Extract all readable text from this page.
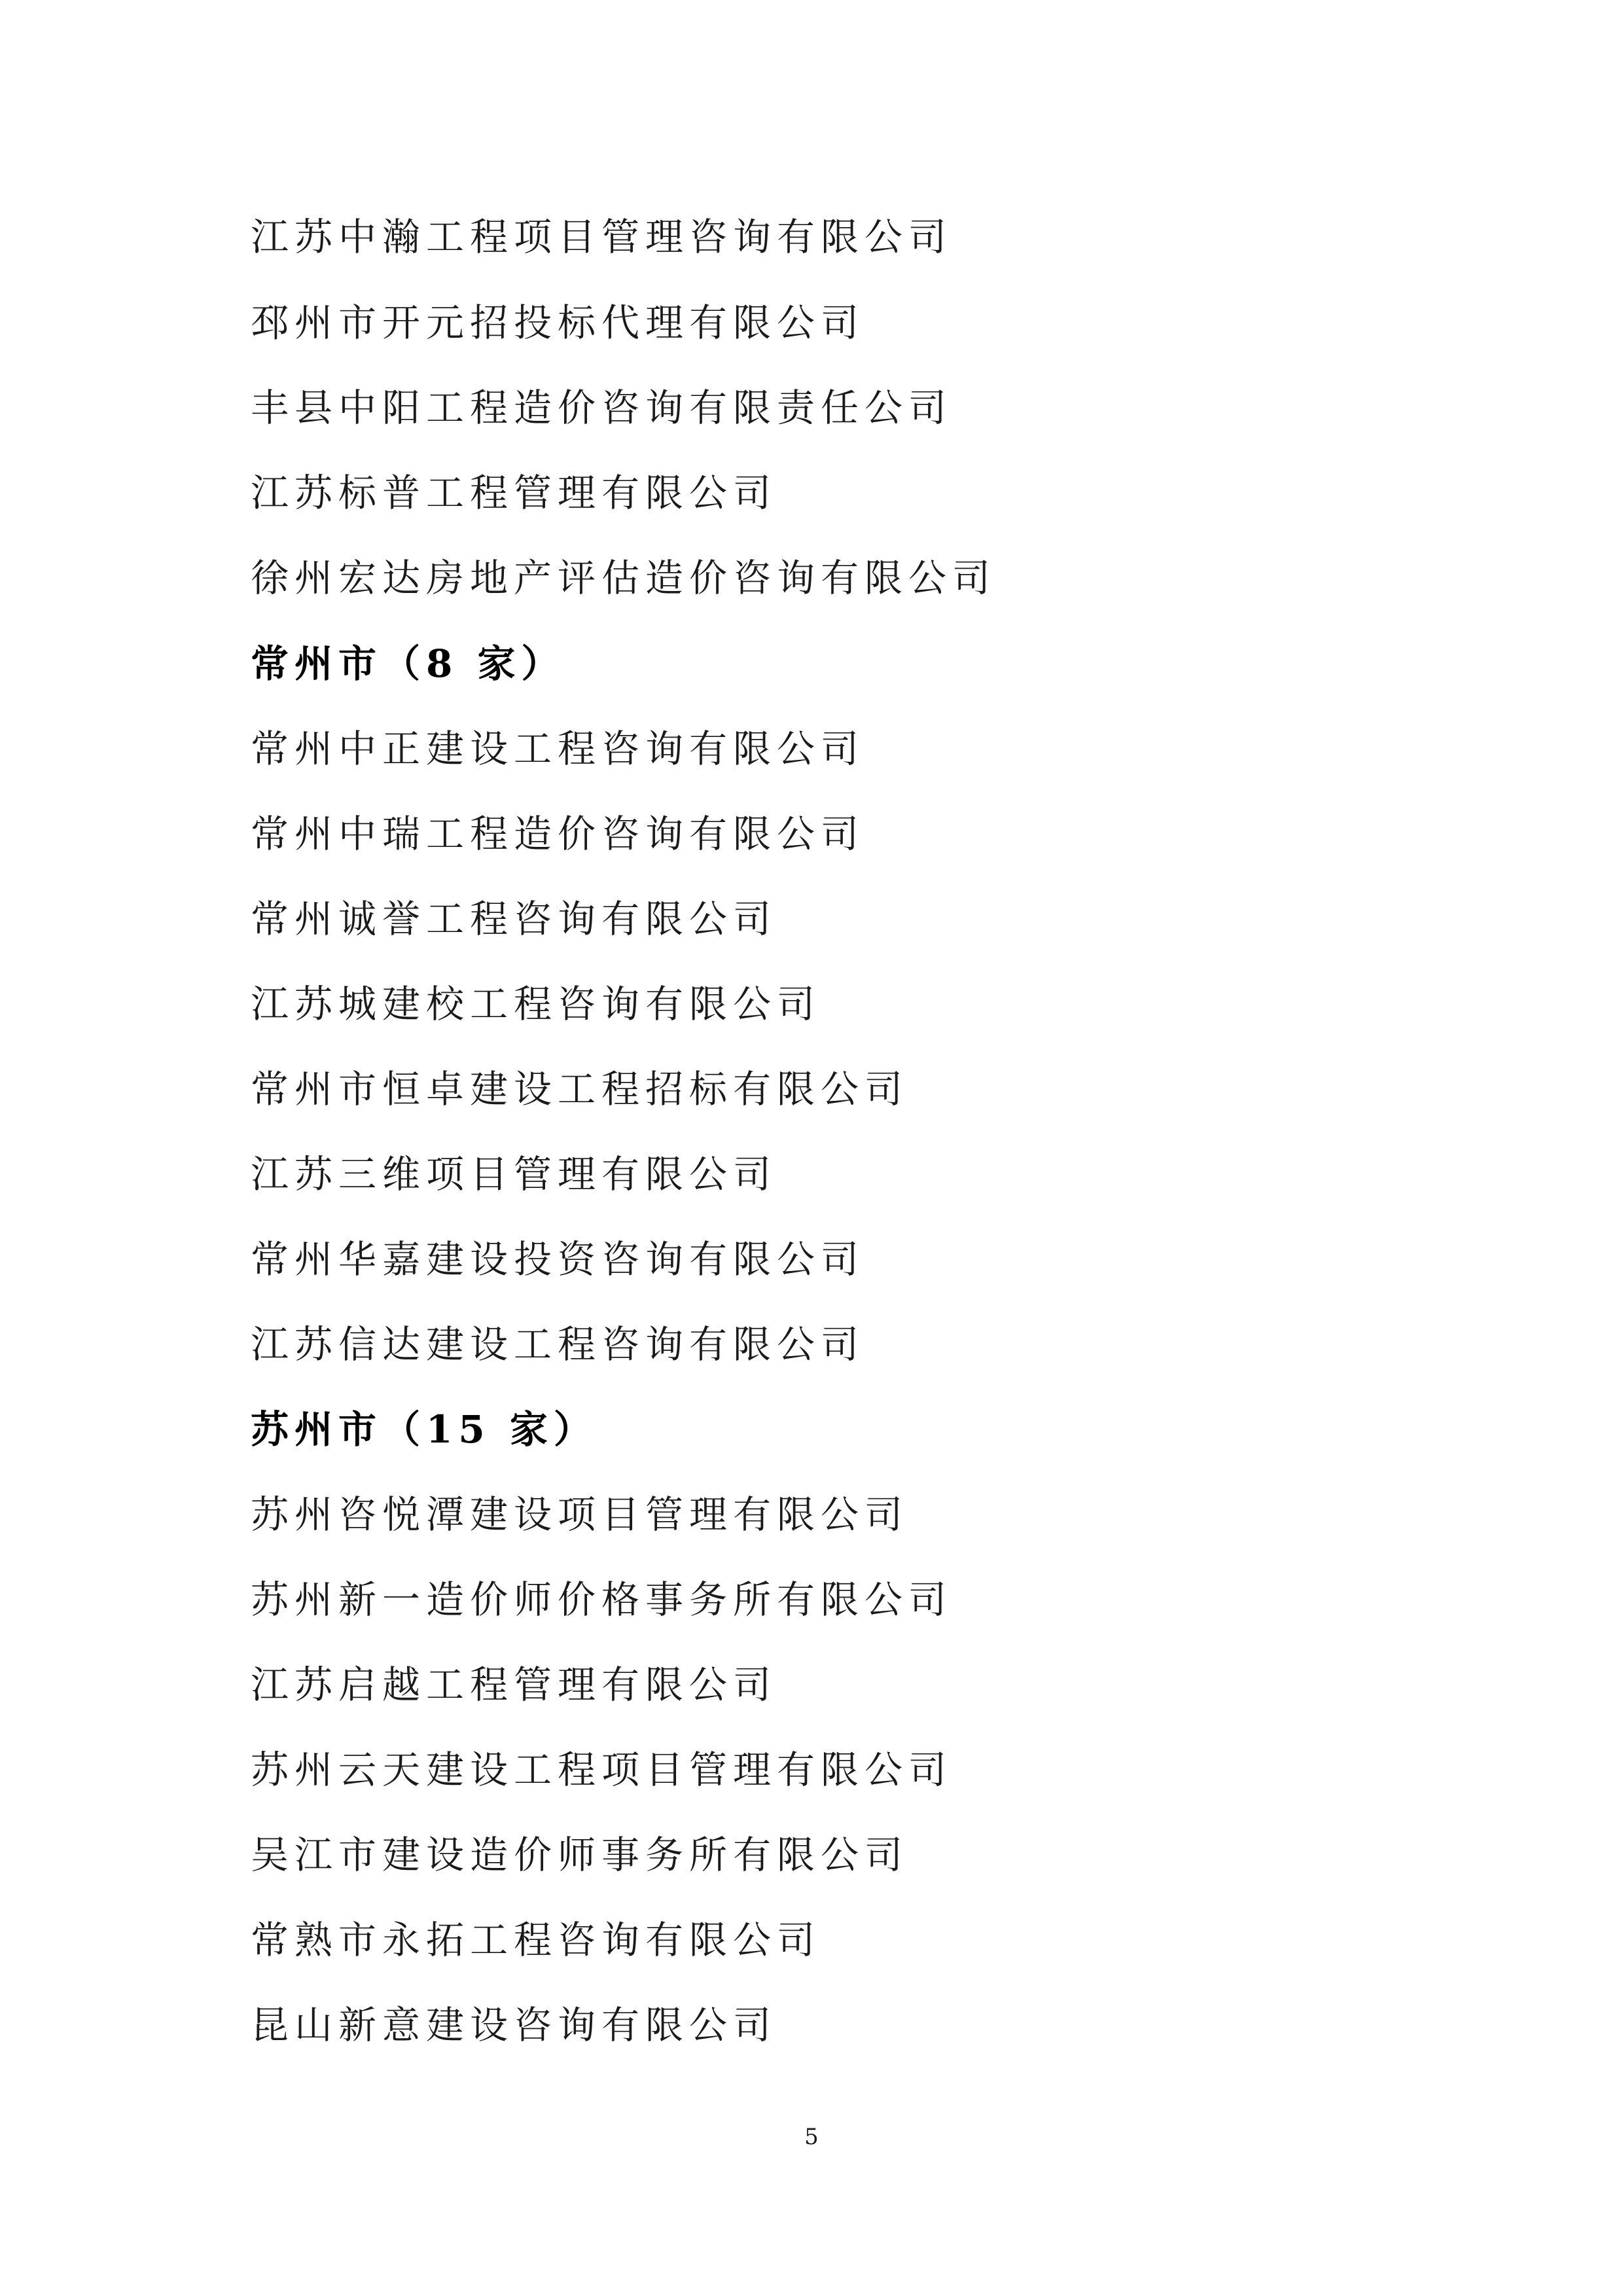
江苏中瀚工程项目管理咨询有限公司
邳州市开元招投标代理有限公司
丰县中阳工程造价咨询有限责任公司
江苏标普工程管理有限公司
徐州宏达房地产评估造价咨询有限公司
常州市（8 家）
常州中正建设工程咨询有限公司
常州中瑞工程造价咨询有限公司
常州诚誉工程咨询有限公司
江苏城建校工程咨询有限公司
常州市恒卓建设工程招标有限公司
江苏三维项目管理有限公司
常州华嘉建设投资咨询有限公司
江苏信达建设工程咨询有限公司
苏州市（15 家）
苏州咨悦潭建设项目管理有限公司
苏州新一造价师价格事务所有限公司
江苏启越工程管理有限公司
苏州云天建设工程项目管理有限公司
吴江市建设造价师事务所有限公司
常熟市永拓工程咨询有限公司
昆山新意建设咨询有限公司
5
